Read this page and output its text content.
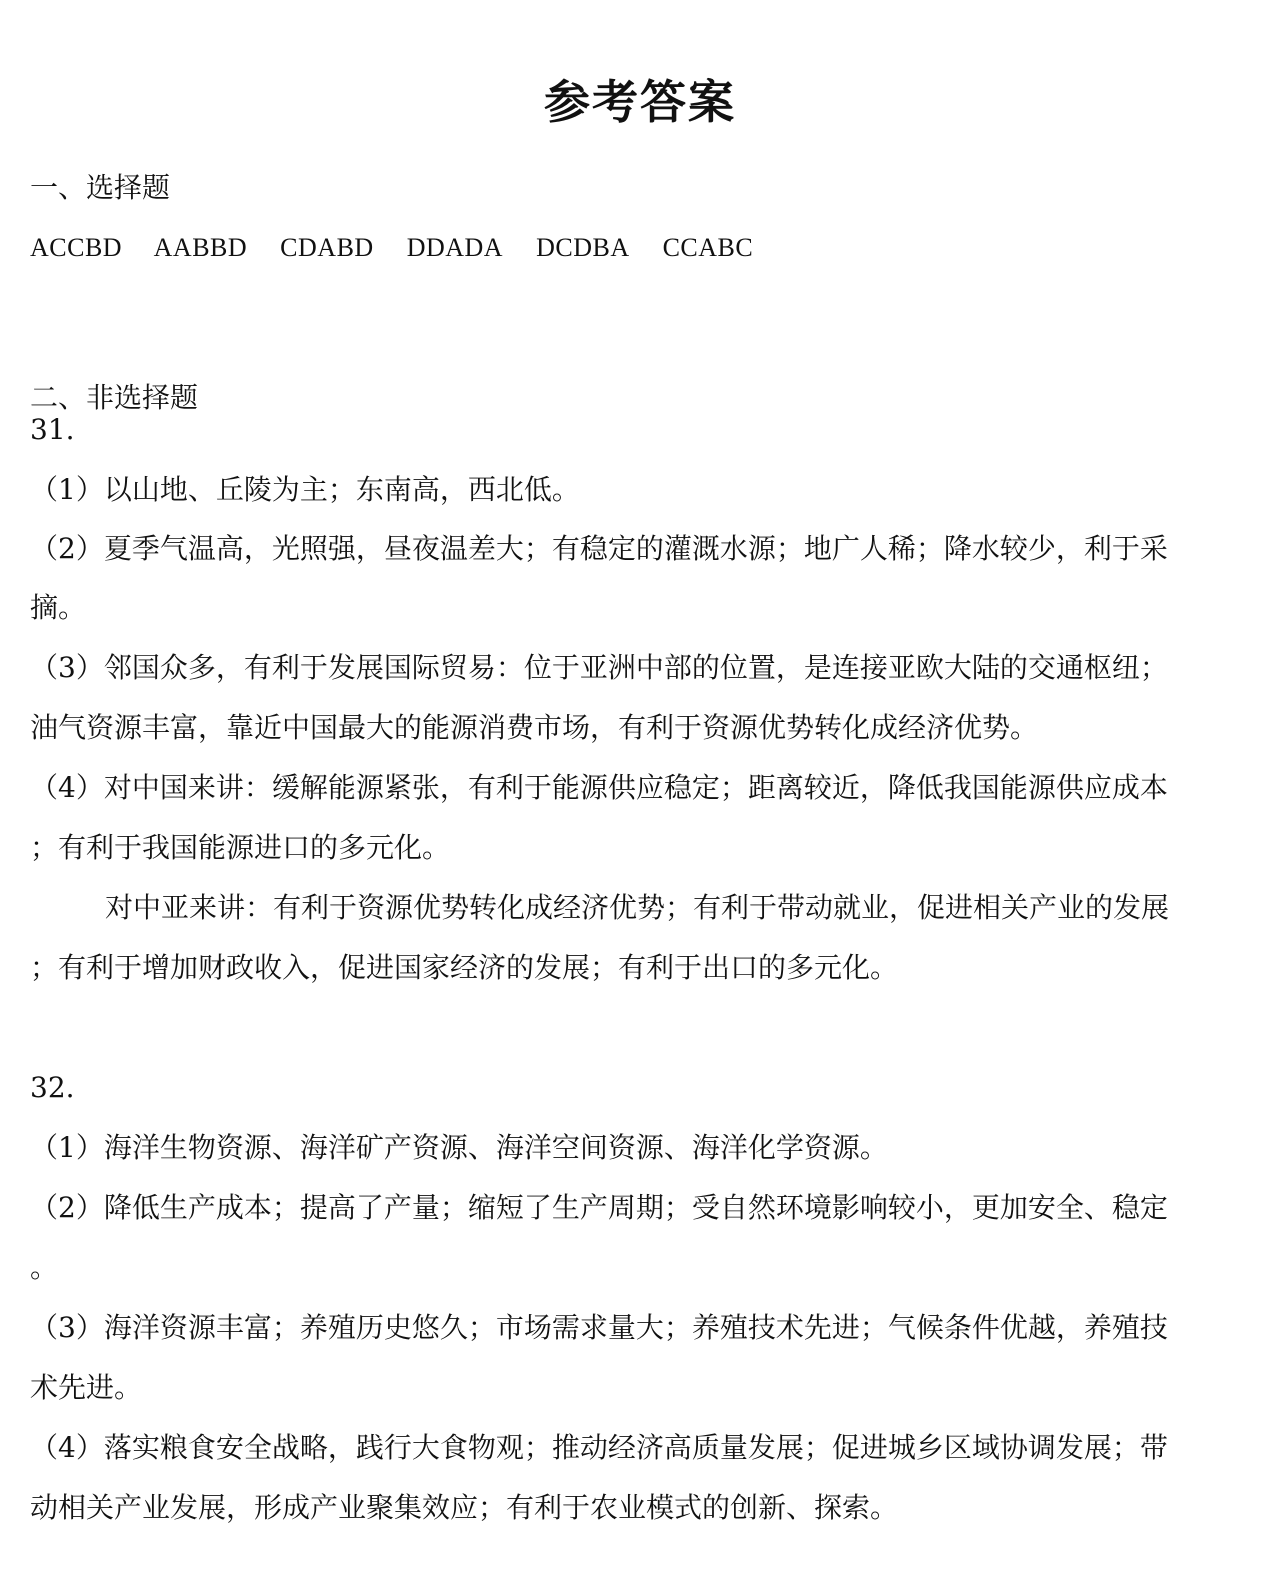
参考答案
一、选择题
ACCBD AABBD CDABD DDADA DCDBA CCABC
二、非选择题
31.
（1）以山地、丘陵为主；东南高，西北低。
（2）夏季气温高，光照强，昼夜温差大；有稳定的灌溉水源；地广人稀；降水较少，利于采
摘。
（3）邻国众多，有利于发展国际贸易：位于亚洲中部的位置，是连接亚欧大陆的交通枢纽；
油气资源丰富，靠近中国最大的能源消费市场，有利于资源优势转化成经济优势。
（4）对中国来讲：缓解能源紧张，有利于能源供应稳定；距离较近，降低我国能源供应成本
；有利于我国能源进口的多元化。
对中亚来讲：有利于资源优势转化成经济优势；有利于带动就业，促进相关产业的发展
；有利于增加财政收入，促进国家经济的发展；有利于出口的多元化。
32.
（1）海洋生物资源、海洋矿产资源、海洋空间资源、海洋化学资源。
（2）降低生产成本；提高了产量；缩短了生产周期；受自然环境影响较小，更加安全、稳定
。
（3）海洋资源丰富；养殖历史悠久；市场需求量大；养殖技术先进；气候条件优越，养殖技
术先进。
（4）落实粮食安全战略，践行大食物观；推动经济高质量发展；促进城乡区域协调发展；带
动相关产业发展，形成产业聚集效应；有利于农业模式的创新、探索。
